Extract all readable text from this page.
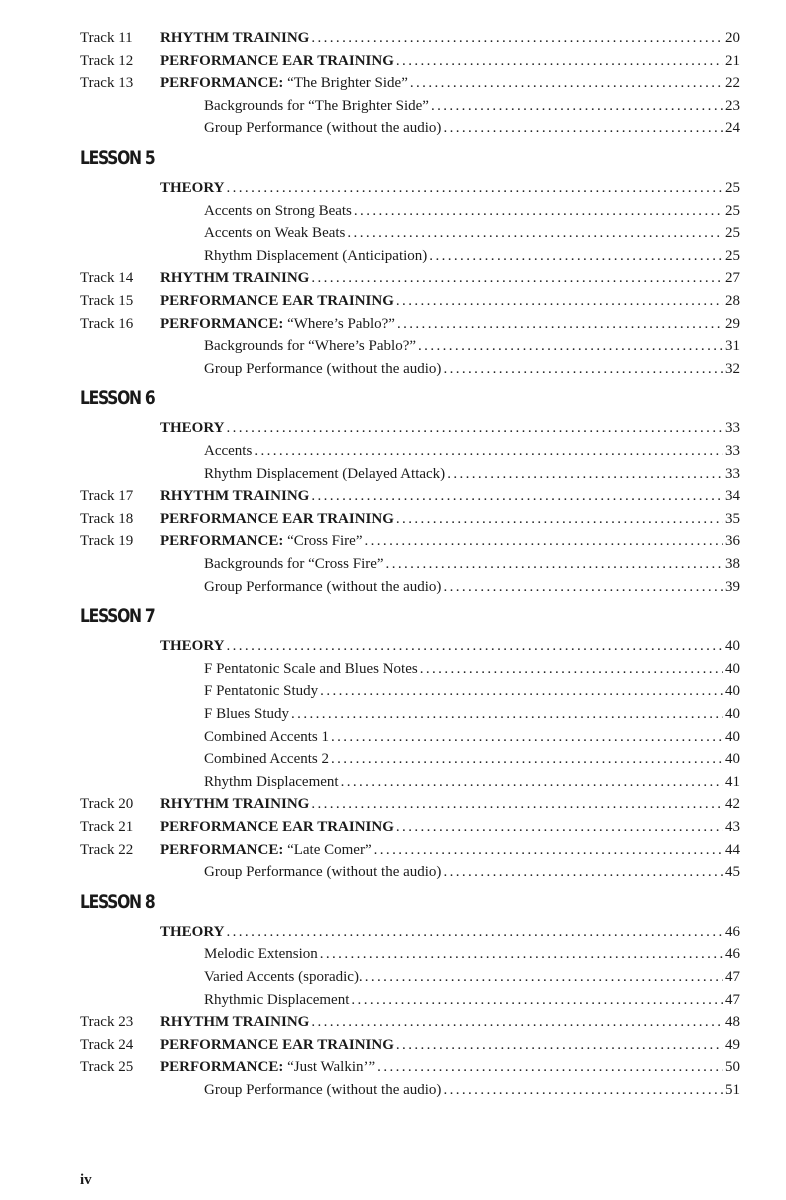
Track 11	RHYTHM TRAINING .....	20
Track 12	PERFORMANCE EAR TRAINING .....	21
Track 13	PERFORMANCE: “The Brighter Side” .....	22
Backgrounds for “The Brighter Side” .....	23
Group Performance (without the audio) .....	24
LESSON 5
THEORY .....	25
Accents on Strong Beats .....	25
Accents on Weak Beats .....	25
Rhythm Displacement (Anticipation) .....	25
Track 14	RHYTHM TRAINING .....	27
Track 15	PERFORMANCE EAR TRAINING .....	28
Track 16	PERFORMANCE: “Where’s Pablo?” .....	29
Backgrounds for “Where’s Pablo?” .....	31
Group Performance (without the audio) .....	32
LESSON 6
THEORY .....	33
Accents .....	33
Rhythm Displacement (Delayed Attack) .....	33
Track 17	RHYTHM TRAINING .....	34
Track 18	PERFORMANCE EAR TRAINING .....	35
Track 19	PERFORMANCE: “Cross Fire” .....	36
Backgrounds for “Cross Fire” .....	38
Group Performance (without the audio) .....	39
LESSON 7
THEORY .....	40
F Pentatonic Scale and Blues Notes .....	40
F Pentatonic Study .....	40
F Blues Study .....	40
Combined Accents 1 .....	40
Combined Accents 2 .....	40
Rhythm Displacement .....	41
Track 20	RHYTHM TRAINING .....	42
Track 21	PERFORMANCE EAR TRAINING .....	43
Track 22	PERFORMANCE: “Late Comer” .....	44
Group Performance (without the audio) .....	45
LESSON 8
THEORY .....	46
Melodic Extension .....	46
Varied Accents (sporadic). .....	47
Rhythmic Displacement .....	47
Track 23	RHYTHM TRAINING .....	48
Track 24	PERFORMANCE EAR TRAINING .....	49
Track 25	PERFORMANCE: “Just Walkin’” .....	50
Group Performance (without the audio) .....	51
iv
